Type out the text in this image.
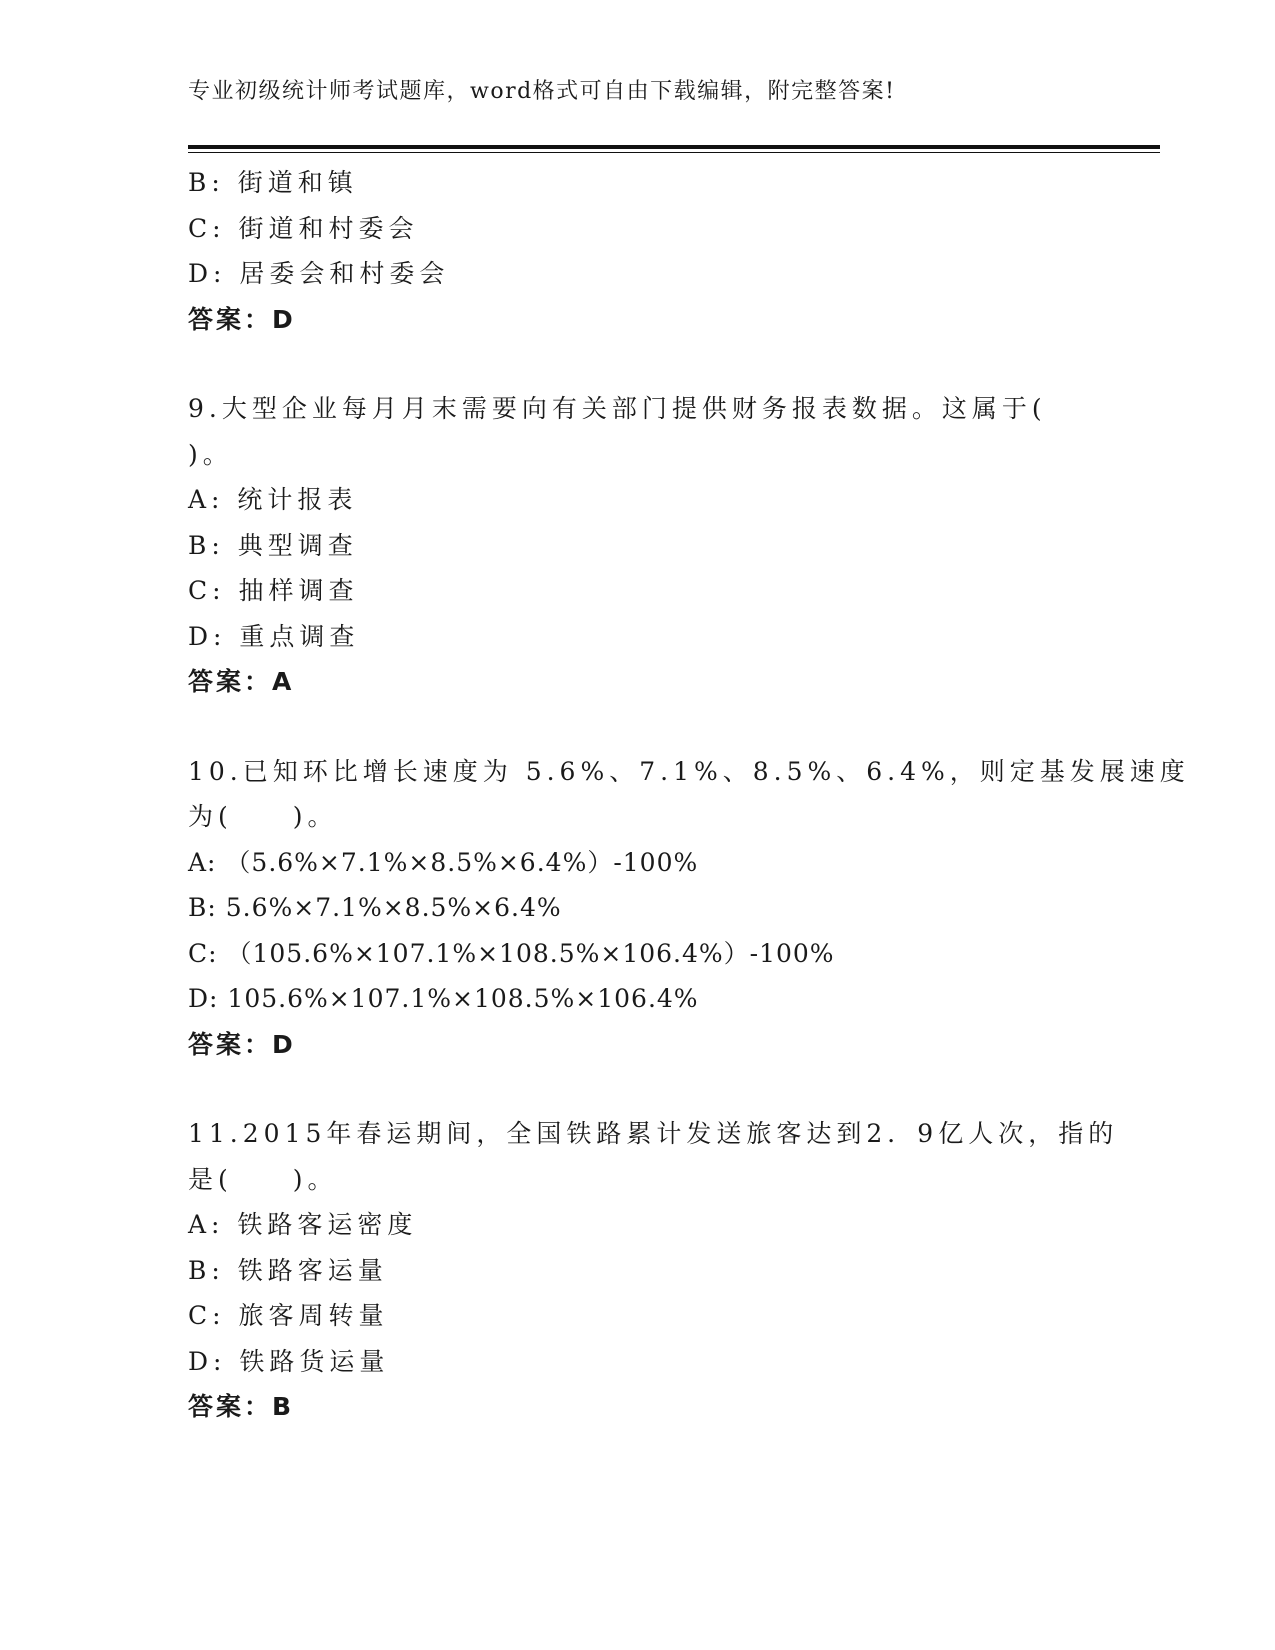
专业初级统计师考试题库，word格式可自由下载编辑，附完整答案!
B: 街道和镇
C: 街道和村委会
D: 居委会和村委会
答案：D
9.大型企业每月月末需要向有关部门提供财务报表数据。这属于(
)。
A: 统计报表
B: 典型调查
C: 抽样调查
D: 重点调查
答案：A
10.已知环比增长速度为 5.6%、7.1%、8.5%、6.4%，则定基发展速度
为(　　)。
A: （5.6%×7.1%×8.5%×6.4%）-100%
B: 5.6%×7.1%×8.5%×6.4%
C: （105.6%×107.1%×108.5%×106.4%）-100%
D: 105.6%×107.1%×108.5%×106.4%
答案：D
11.2015年春运期间，全国铁路累计发送旅客达到2．9亿人次，指的
是(　　)。
A: 铁路客运密度
B: 铁路客运量
C: 旅客周转量
D: 铁路货运量
答案：B
